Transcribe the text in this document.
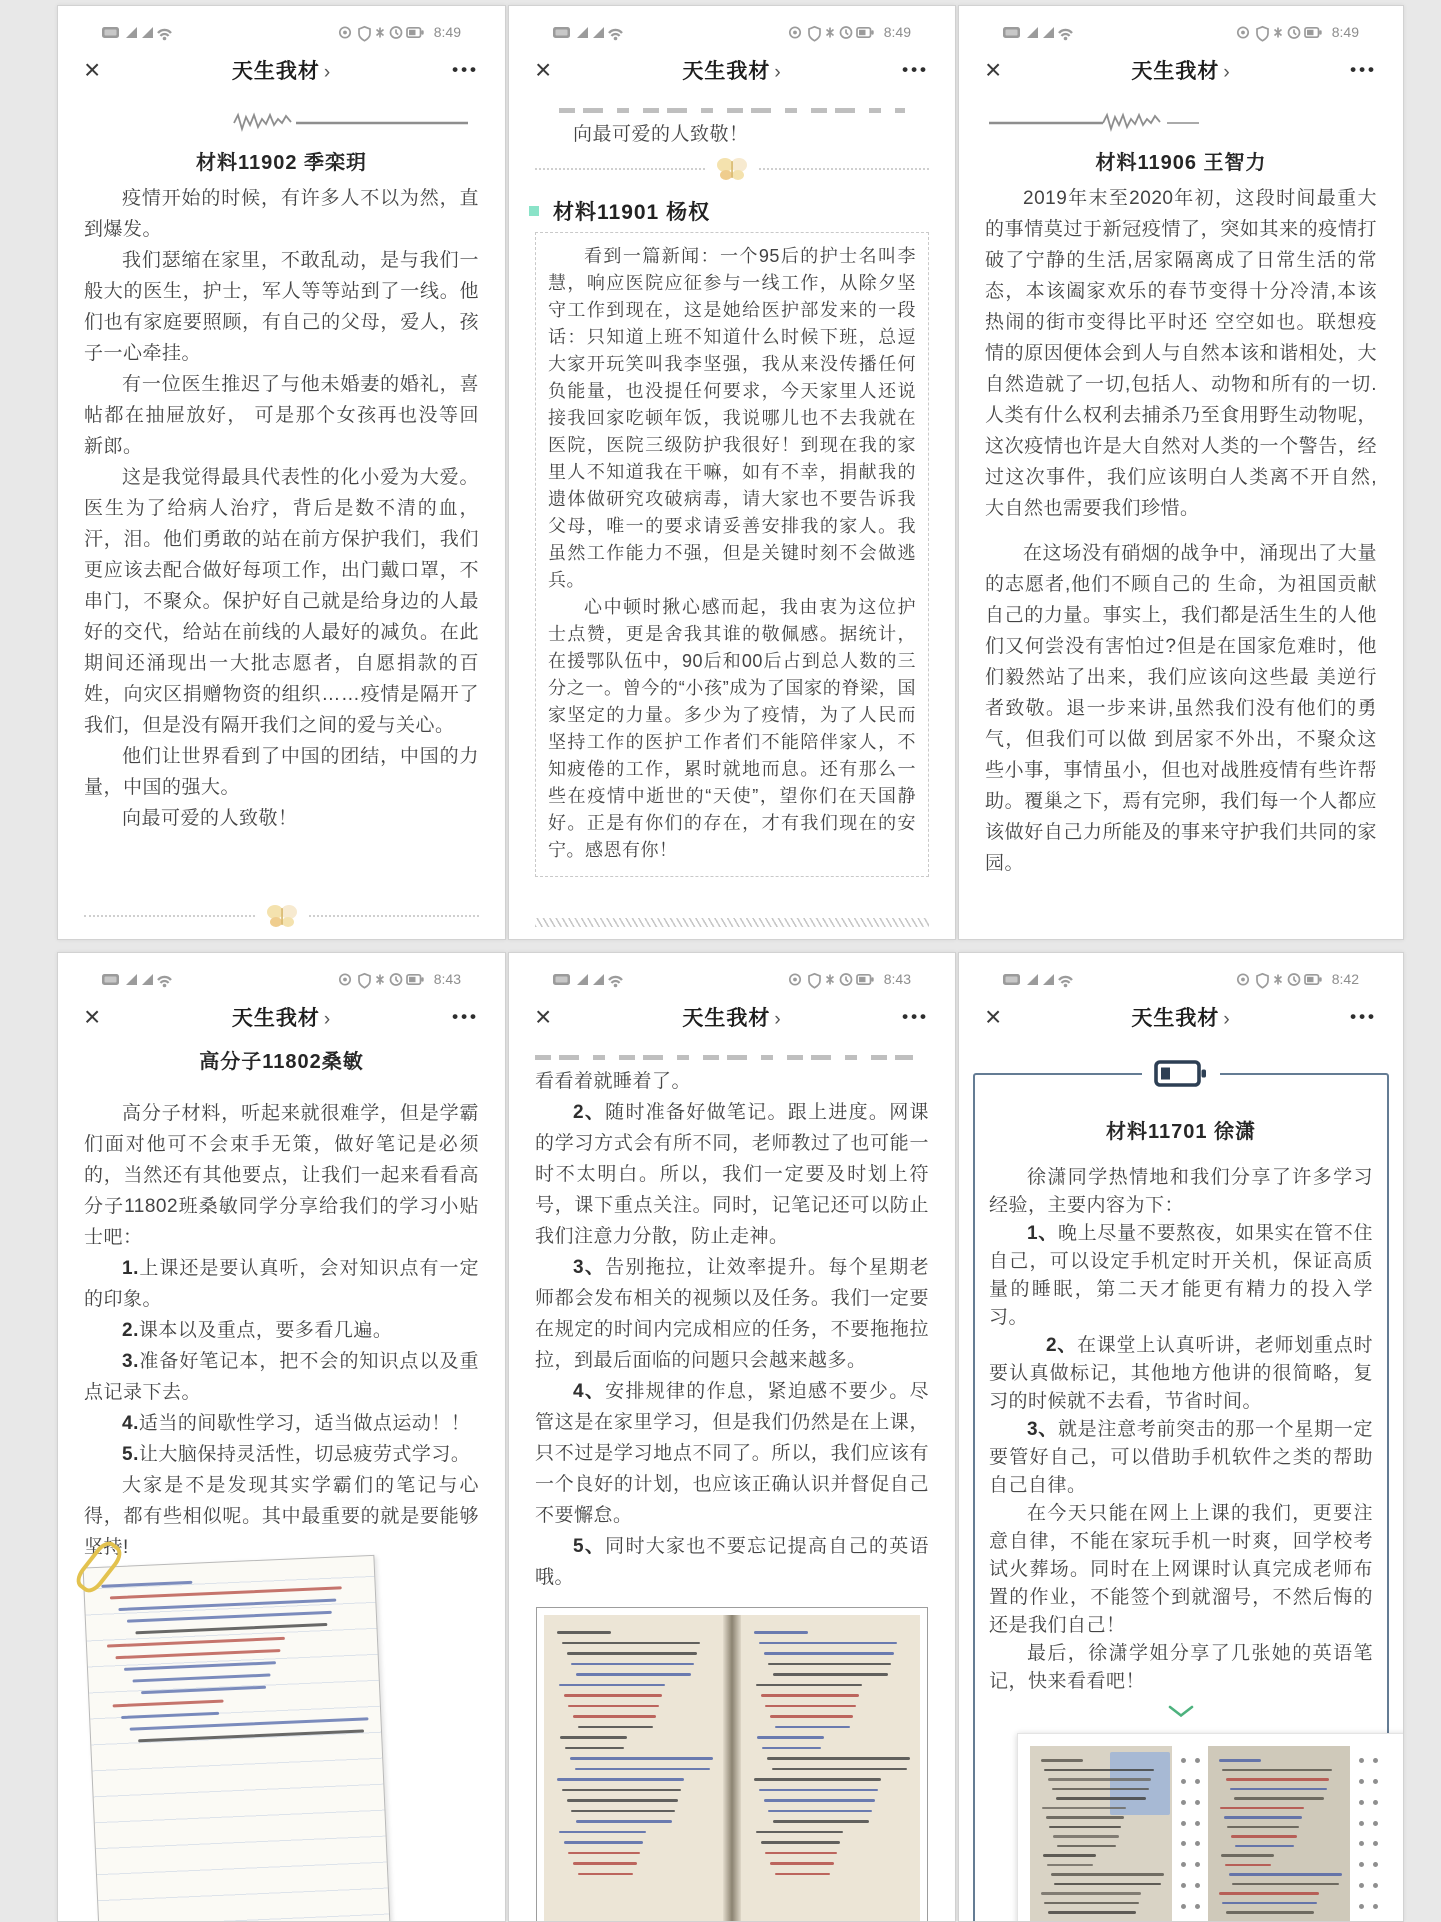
8:49
×	天生我材 ›	•••
材料11902 季栾玥

疫情开始的时候，有许多人不以为然，直到爆发。

我们瑟缩在家里，不敢乱动，是与我们一般大的医生，护士，军人等等站到了一线。他们也有家庭要照顾，有自己的父母，爱人，孩子一心牵挂。

有一位医生推迟了与他未婚妻的婚礼，喜帖都在抽屉放好， 可是那个女孩再也没等回新郎。

这是我觉得最具代表性的化小爱为大爱。医生为了给病人治疗，背后是数不清的血，汗，泪。他们勇敢的站在前方保护我们，我们更应该去配合做好每项工作，出门戴口罩，不串门，不聚众。保护好自己就是给身边的人最好的交代，给站在前线的人最好的减负。在此期间还涌现出一大批志愿者，自愿捐款的百姓，向灾区捐赠物资的组织……疫情是隔开了我们，但是没有隔开我们之间的爱与关心。

他们让世界看到了中国的团结，中国的力量，中国的强大。

向最可爱的人致敬！

8:49
×	天生我材 ›	•••

向最可爱的人致敬！

材料11901 杨权

看到一篇新闻：一个95后的护士名叫李慧，响应医院应征参与一线工作，从除夕坚守工作到现在，这是她给医护部发来的一段话：只知道上班不知道什么时候下班，总逗大家开玩笑叫我李坚强，我从来没传播任何负能量，也没提任何要求，今天家里人还说接我回家吃顿年饭，我说哪儿也不去我就在医院，医院三级防护我很好！到现在我的家里人不知道我在干嘛，如有不幸，捐献我的遗体做研究攻破病毒，请大家也不要告诉我父母，唯一的要求请妥善安排我的家人。我虽然工作能力不强，但是关键时刻不会做逃兵。

心中顿时揪心感而起，我由衷为这位护士点赞，更是舍我其谁的敬佩感。据统计，在援鄂队伍中，90后和00后占到总人数的三分之一。曾今的“小孩”成为了国家的脊梁，国家坚定的力量。多少为了疫情，为了人民而坚持工作的医护工作者们不能陪伴家人，不知疲倦的工作，累时就地而息。还有那么一些在疫情中逝世的“天使”，望你们在天国静好。正是有你们的存在，才有我们现在的安宁。感恩有你！

8:49
×	天生我材 ›	•••
材料11906 王智力

2019年末至2020年初，这段时间最重大的事情莫过于新冠疫情了，突如其来的疫情打破了宁静的生活,居家隔离成了日常生活的常态，本该阖家欢乐的春节变得十分冷清,本该热闹的街市变得比平时还 空空如也。联想疫情的原因便体会到人与自然本该和谐相处，大自然造就了一切,包括人、动物和所有的一切.人类有什么权利去捕杀乃至食用野生动物呢，这次疫情也许是大自然对人类的一个警告，经过这次事件，我们应该明白人类离不开自然,大自然也需要我们珍惜。

在这场没有硝烟的战争中，涌现出了大量的志愿者,他们不顾自己的 生命，为祖国贡献自己的力量。事实上，我们都是活生生的人他们又何尝没有害怕过?但是在国家危难时，他们毅然站了出来，我们应该向这些最 美逆行者致敬。退一步来讲,虽然我们没有他们的勇气，但我们可以做 到居家不外出，不聚众这些小事，事情虽小，但也对战胜疫情有些许帮助。覆巢之下，焉有完卵，我们每一个人都应该做好自己力所能及的事来守护我们共同的家园。

8:43
×	天生我材 ›	•••
高分子11802桑敏

高分子材料，听起来就很难学，但是学霸们面对他可不会束手无策，做好笔记是必须的，当然还有其他要点，让我们一起来看看高分子11802班桑敏同学分享给我们的学习小贴士吧：

1.上课还是要认真听，会对知识点有一定的印象。

2.课本以及重点，要多看几遍。

3.准备好笔记本，把不会的知识点以及重点记录下去。

4.适当的间歇性学习，适当做点运动！！

5.让大脑保持灵活性，切忌疲劳式学习。

大家是不是发现其实学霸们的笔记与心得，都有些相似呢。其中最重要的就是要能够坚持!

8:43
×	天生我材 ›	•••

看看着就睡着了。

2、随时准备好做笔记。跟上进度。网课的学习方式会有所不同，老师教过了也可能一时不太明白。所以，我们一定要及时划上符号，课下重点关注。同时，记笔记还可以防止我们注意力分散，防止走神。

3、告别拖拉，让效率提升。每个星期老师都会发布相关的视频以及任务。我们一定要在规定的时间内完成相应的任务，不要拖拖拉拉，到最后面临的问题只会越来越多。

4、安排规律的作息，紧迫感不要少。尽管这是在家里学习，但是我们仍然是在上课，只不过是学习地点不同了。所以，我们应该有一个良好的计划，也应该正确认识并督促自己不要懈怠。

5、同时大家也不要忘记提高自己的英语哦。

8:42
×	天生我材 ›	•••
材料11701 徐潇

徐潇同学热情地和我们分享了许多学习经验，主要内容为下：

1、晚上尽量不要熬夜，如果实在管不住自己，可以设定手机定时开关机，保证高质量的睡眠，第二天才能更有精力的投入学习。

2、在课堂上认真听讲，老师划重点时要认真做标记，其他地方他讲的很简略，复习的时候就不去看，节省时间。

3、就是注意考前突击的那一个星期一定要管好自己，可以借助手机软件之类的帮助自己自律。

在今天只能在网上上课的我们，更要注意自律，不能在家玩手机一时爽，回学校考试火葬场。同时在上网课时认真完成老师布置的作业，不能签个到就溜号，不然后悔的还是我们自己！

最后，徐潇学姐分享了几张她的英语笔记，快来看看吧！
